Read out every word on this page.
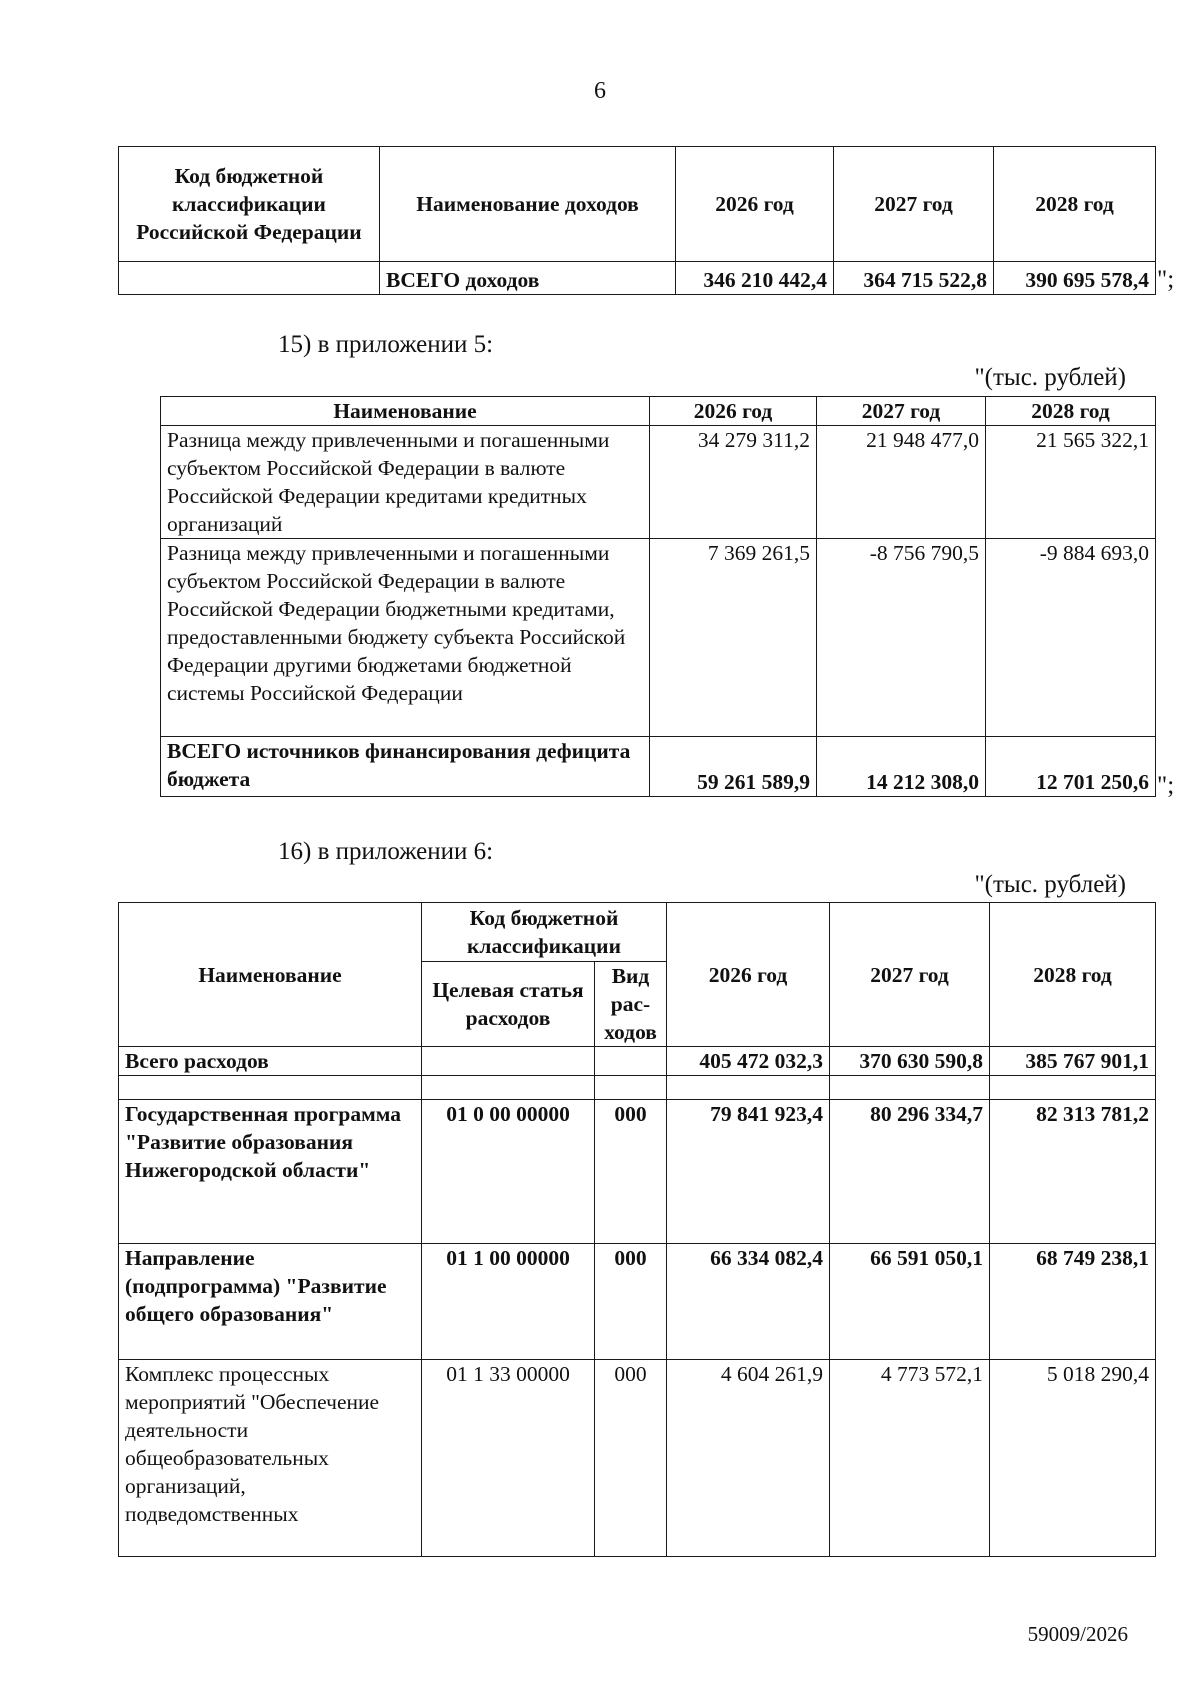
6
Код бюджетной классификации Российской Федерации	Наименование доходов	2026 год	2027 год	2028 год
	ВСЕГО доходов	346 210 442,4	364 715 522,8	390 695 578,4 ";
15) в приложении 5:
"(тыс. рублей)
Наименование	2026 год	2027 год	2028 год
Разница между привлеченными и погашенными субъектом Российской Федерации в валюте Российской Федерации кредитами кредитных организаций	34 279 311,2	21 948 477,0	21 565 322,1
Разница между привлеченными и погашенными субъектом Российской Федерации в валюте Российской Федерации бюджетными кредитами, предоставленными бюджету субъекта Российской Федерации другими бюджетами бюджетной системы Российской Федерации	7 369 261,5	-8 756 790,5	-9 884 693,0
ВСЕГО источников финансирования дефицита бюджета	59 261 589,9	14 212 308,0	12 701 250,6 ";
16) в приложении 6:
"(тыс. рублей)
Наименование	Код бюджетной классификации		2026 год	2027 год	2028 год
	Целевая статья расходов	Вид рас-ходов			
Всего расходов			405 472 032,3	370 630 590,8	385 767 901,1

Государственная программа "Развитие образования Нижегородской области"	01 0 00 00000	000	79 841 923,4	80 296 334,7	82 313 781,2
Направление (подпрограмма) "Развитие общего образования"	01 1 00 00000	000	66 334 082,4	66 591 050,1	68 749 238,1
Комплекс процессных мероприятий "Обеспечение деятельности общеобразовательных организаций, подведомственных	01 1 33 00000	000	4 604 261,9	4 773 572,1	5 018 290,4
59009/2026
